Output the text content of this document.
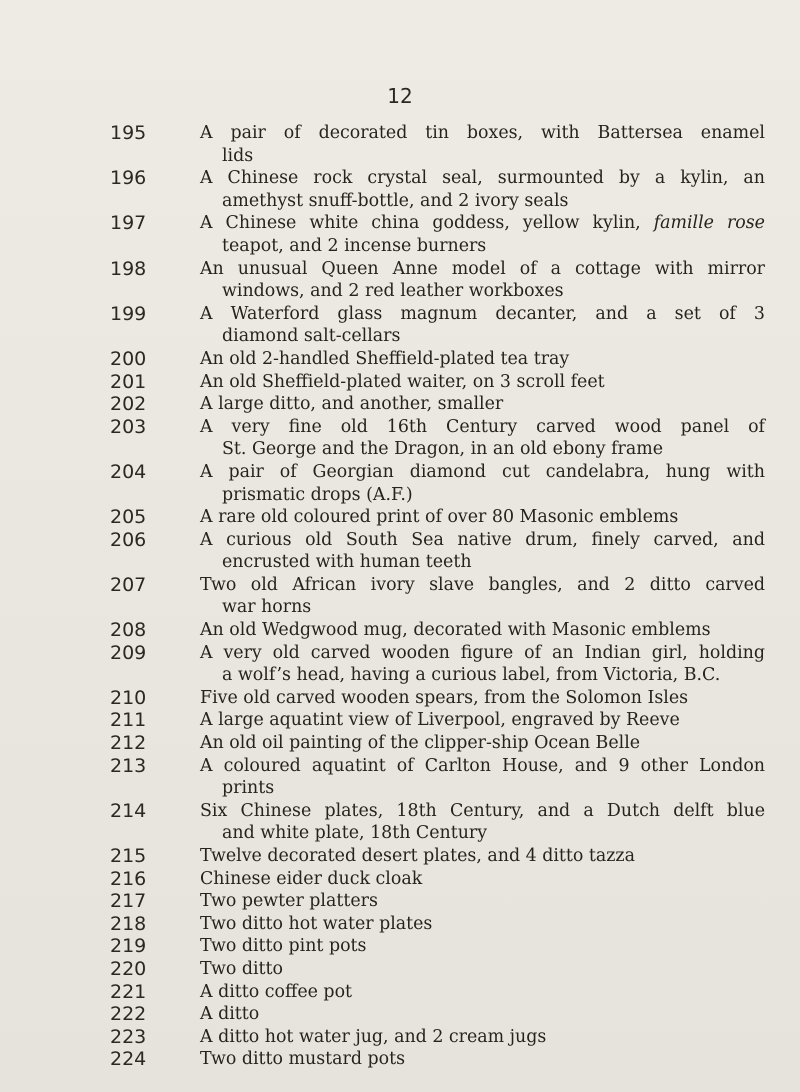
12
195	A pair of decorated tin boxes, with Battersea enamel
lids
196	A Chinese rock crystal seal, surmounted by a kylin, an
amethyst snuff-bottle, and 2 ivory seals
197	A Chinese white china goddess, yellow kylin, famille rose
teapot, and 2 incense burners
198	An unusual Queen Anne model of a cottage with mirror
windows, and 2 red leather workboxes
199	A Waterford glass magnum decanter, and a set of 3
diamond salt-cellars
200	An old 2-handled Sheffield-plated tea tray
201	An old Sheffield-plated waiter, on 3 scroll feet
202	A large ditto, and another, smaller
203	A very fine old 16th Century carved wood panel of
St. George and the Dragon, in an old ebony frame
204	A pair of Georgian diamond cut candelabra, hung with
prismatic drops (A.F.)
205	A rare old coloured print of over 80 Masonic emblems
206	A curious old South Sea native drum, finely carved, and
encrusted with human teeth
207	Two old African ivory slave bangles, and 2 ditto carved
war horns
208	An old Wedgwood mug, decorated with Masonic emblems
209	A very old carved wooden figure of an Indian girl, holding
a wolf’s head, having a curious label, from Victoria, B.C.
210	Five old carved wooden spears, from the Solomon Isles
211	A large aquatint view of Liverpool, engraved by Reeve
212	An old oil painting of the clipper-ship Ocean Belle
213	A coloured aquatint of Carlton House, and 9 other London
prints
214	Six Chinese plates, 18th Century, and a Dutch delft blue
and white plate, 18th Century
215	Twelve decorated desert plates, and 4 ditto tazza
216	Chinese eider duck cloak
217	Two pewter platters
218	Two ditto hot water plates
219	Two ditto pint pots
220	Two ditto
221	A ditto coffee pot
222	A ditto
223	A ditto hot water jug, and 2 cream jugs
224	Two ditto mustard pots
